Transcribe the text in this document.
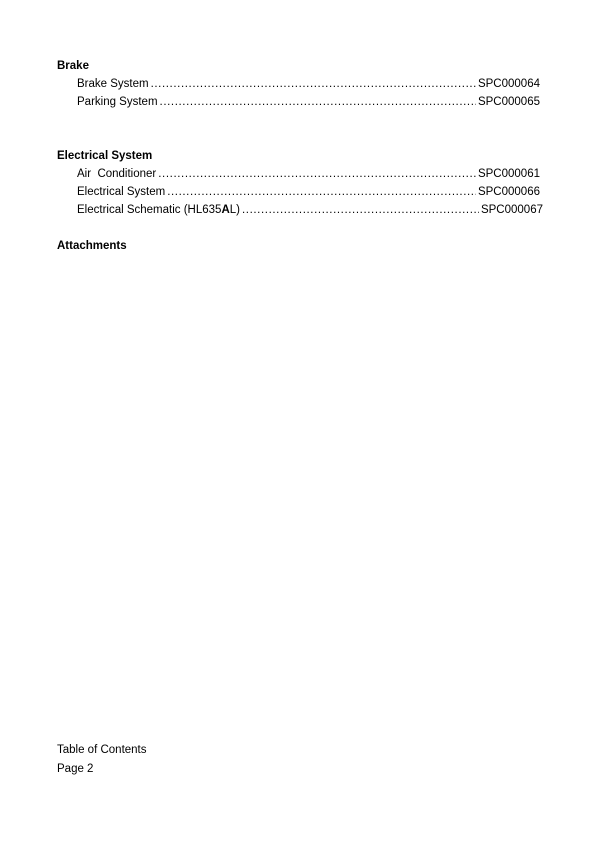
Brake
Brake System .....	SPC000064
Parking System .....	SPC000065
Electrical System
Air  Conditioner .....	SPC000061
Electrical System .....	SPC000066
Electrical Schematic (HL635AL) .....	SPC000067
Attachments
Table of Contents
Page 2
